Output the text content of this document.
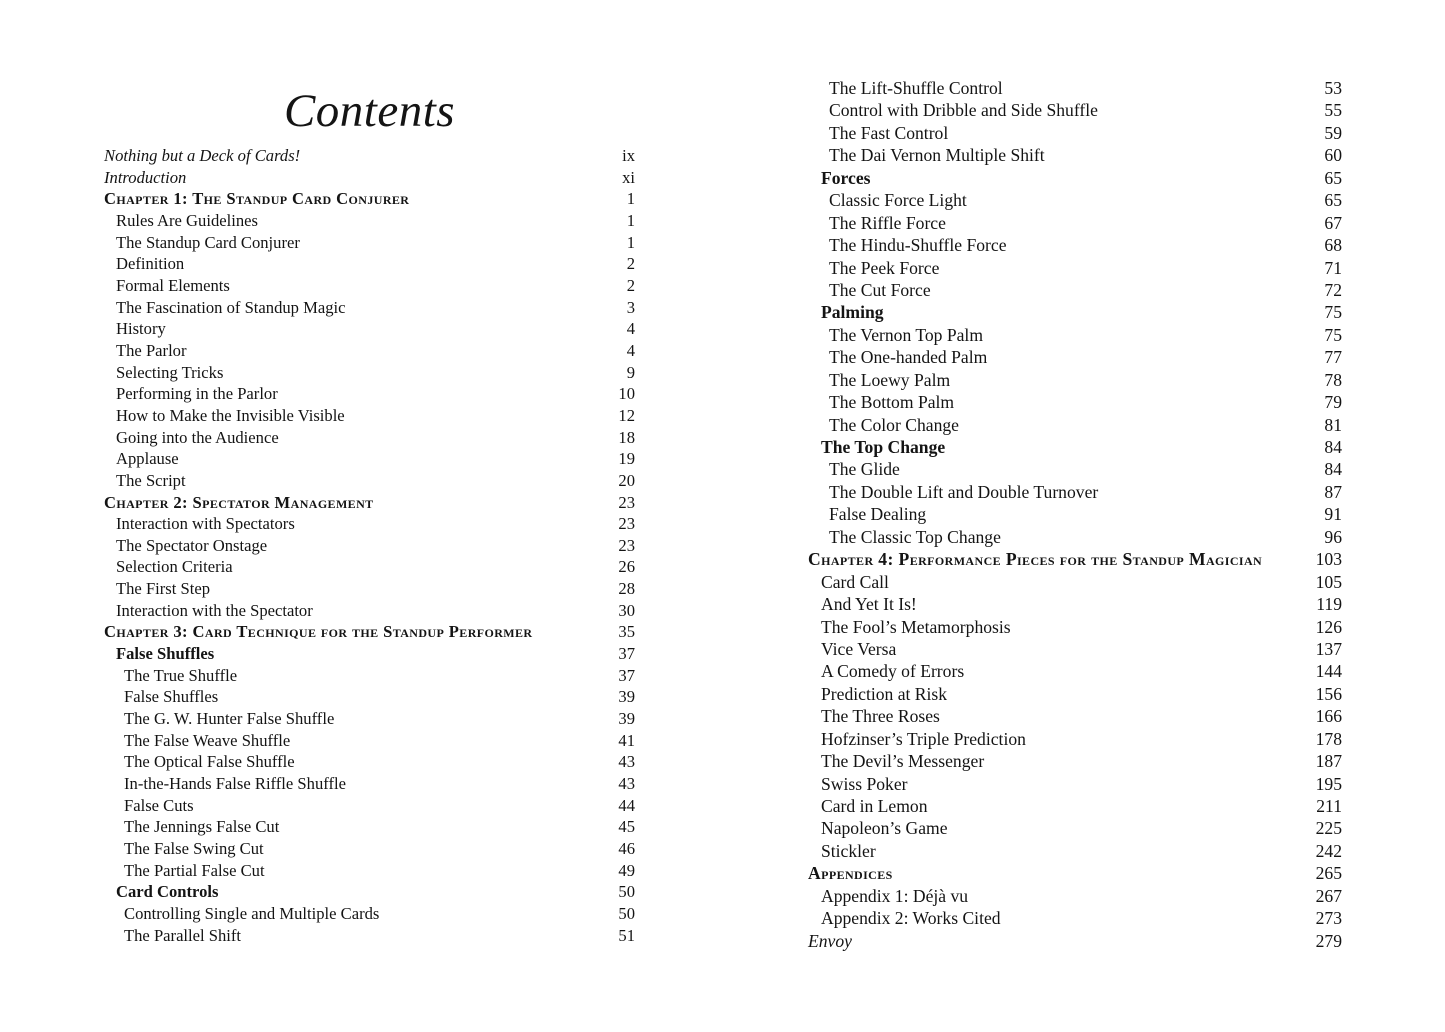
Contents
Nothing but a Deck of Cards!	ix
Introduction	xi
Chapter 1: The Standup Card Conjurer	1
Rules Are Guidelines	1
The Standup Card Conjurer	1
Definition	2
Formal Elements	2
The Fascination of Standup Magic	3
History	4
The Parlor	4
Selecting Tricks	9
Performing in the Parlor	10
How to Make the Invisible Visible	12
Going into the Audience	18
Applause	19
The Script	20
Chapter 2: Spectator Management	23
Interaction with Spectators	23
The Spectator Onstage	23
Selection Criteria	26
The First Step	28
Interaction with the Spectator	30
Chapter 3: Card Technique for the Standup Performer	35
False Shuffles	37
The True Shuffle	37
False Shuffles	39
The G. W. Hunter False Shuffle	39
The False Weave Shuffle	41
The Optical False Shuffle	43
In-the-Hands False Riffle Shuffle	43
False Cuts	44
The Jennings False Cut	45
The False Swing Cut	46
The Partial False Cut	49
Card Controls	50
Controlling Single and Multiple Cards	50
The Parallel Shift	51
The Lift-Shuffle Control	53
Control with Dribble and Side Shuffle	55
The Fast Control	59
The Dai Vernon Multiple Shift	60
Forces	65
Classic Force Light	65
The Riffle Force	67
The Hindu-Shuffle Force	68
The Peek Force	71
The Cut Force	72
Palming	75
The Vernon Top Palm	75
The One-handed Palm	77
The Loewy Palm	78
The Bottom Palm	79
The Color Change	81
The Top Change	84
The Glide	84
The Double Lift and Double Turnover	87
False Dealing	91
The Classic Top Change	96
Chapter 4: Performance Pieces for the Standup Magician	103
Card Call	105
And Yet It Is!	119
The Fool’s Metamorphosis	126
Vice Versa	137
A Comedy of Errors	144
Prediction at Risk	156
The Three Roses	166
Hofzinser’s Triple Prediction	178
The Devil’s Messenger	187
Swiss Poker	195
Card in Lemon	211
Napoleon’s Game	225
Stickler	242
Appendices	265
Appendix 1: Déjà vu	267
Appendix 2: Works Cited	273
Envoy	279
